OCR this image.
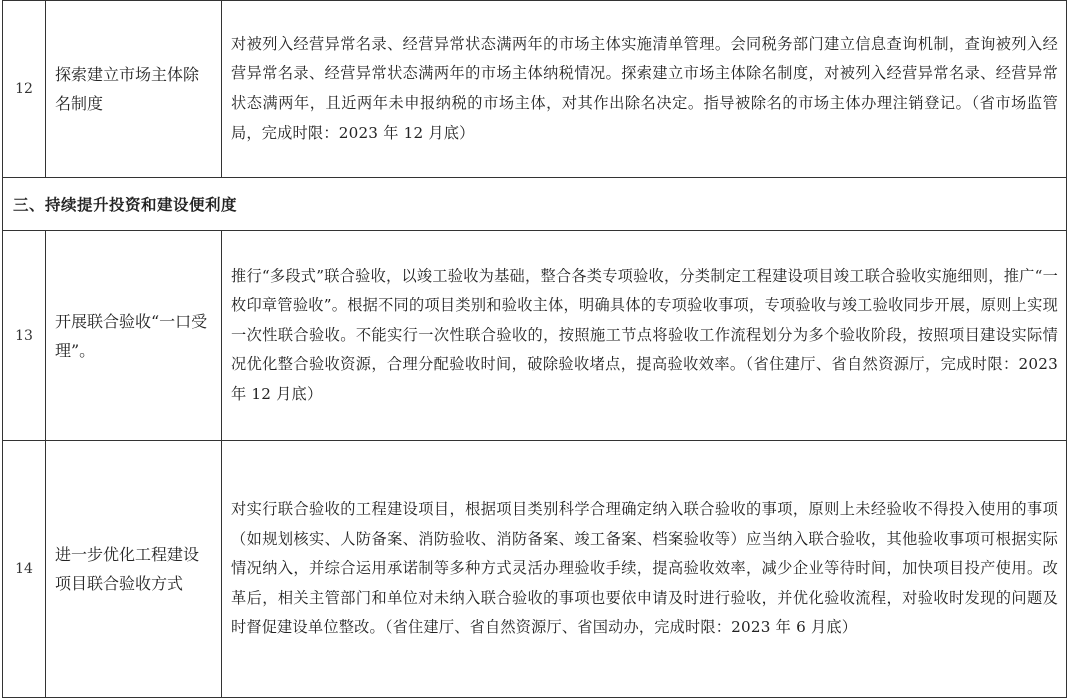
12	探索建立市场主体除名制度	对被列入经营异常名录、经营异常状态满两年的市场主体实施清单管理。会同税务部门建立信息查询机制，查询被列入经营异常名录、经营异常状态满两年的市场主体纳税情况。探索建立市场主体除名制度，对被列入经营异常名录、经营异常状态满两年，且近两年未申报纳税的市场主体，对其作出除名决定。指导被除名的市场主体办理注销登记。（省市场监管局，完成时限：2023 年 12 月底）
三、持续提升投资和建设便利度		
13	开展联合验收“一口受理”。	推行“多段式”联合验收，以竣工验收为基础，整合各类专项验收，分类制定工程建设项目竣工联合验收实施细则，推广“一枚印章管验收”。根据不同的项目类别和验收主体，明确具体的专项验收事项，专项验收与竣工验收同步开展，原则上实现一次性联合验收。不能实行一次性联合验收的，按照施工节点将验收工作流程划分为多个验收阶段，按照项目建设实际情况优化整合验收资源，合理分配验收时间，破除验收堵点，提高验收效率。（省住建厅、省自然资源厅，完成时限：2023 年 12 月底）
14	进一步优化工程建设项目联合验收方式	对实行联合验收的工程建设项目，根据项目类别科学合理确定纳入联合验收的事项，原则上未经验收不得投入使用的事项（如规划核实、人防备案、消防验收、消防备案、竣工备案、档案验收等）应当纳入联合验收，其他验收事项可根据实际情况纳入，并综合运用承诺制等多种方式灵活办理验收手续，提高验收效率，减少企业等待时间，加快项目投产使用。改革后，相关主管部门和单位对未纳入联合验收的事项也要依申请及时进行验收，并优化验收流程，对验收时发现的问题及时督促建设单位整改。（省住建厅、省自然资源厅、省国动办，完成时限：2023 年 6 月底）
